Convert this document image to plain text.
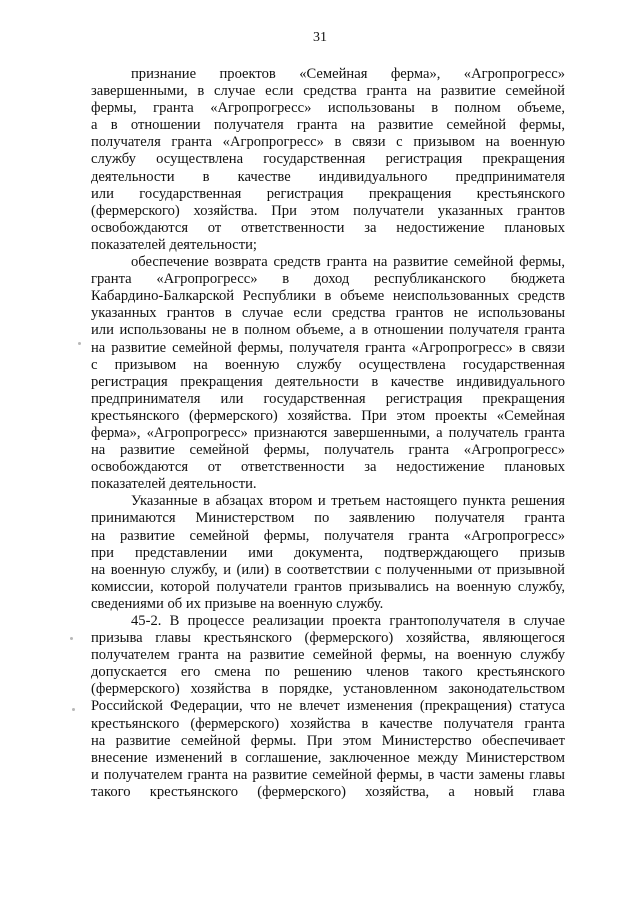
31
признание проектов «Семейная ферма», «Агропрогресс»
завершенными, в случае если средства гранта на развитие семейной
фермы, гранта «Агропрогресс» использованы в полном объеме,
а в отношении получателя гранта на развитие семейной фермы,
получателя гранта «Агропрогресс» в связи с призывом на военную
службу осуществлена государственная регистрация прекращения
деятельности в качестве индивидуального предпринимателя
или государственная регистрация прекращения крестьянского
(фермерского) хозяйства. При этом получатели указанных грантов
освобождаются от ответственности за недостижение плановых
показателей деятельности;
обеспечение возврата средств гранта на развитие семейной фермы,
гранта «Агропрогресс» в доход республиканского бюджета
Кабардино-Балкарской Республики в объеме неиспользованных средств
указанных грантов в случае если средства грантов не использованы
или использованы не в полном объеме, а в отношении получателя гранта
на развитие семейной фермы, получателя гранта «Агропрогресс» в связи
с призывом на военную службу осуществлена государственная
регистрация прекращения деятельности в качестве индивидуального
предпринимателя или государственная регистрация прекращения
крестьянского (фермерского) хозяйства. При этом проекты «Семейная
ферма», «Агропрогресс» признаются завершенными, а получатель гранта
на развитие семейной фермы, получатель гранта «Агропрогресс»
освобождаются от ответственности за недостижение плановых
показателей деятельности.
Указанные в абзацах втором и третьем настоящего пункта решения
принимаются Министерством по заявлению получателя гранта
на развитие семейной фермы, получателя гранта «Агропрогресс»
при представлении ими документа, подтверждающего призыв
на военную службу, и (или) в соответствии с полученными от призывной
комиссии, которой получатели грантов призывались на военную службу,
сведениями об их призыве на военную службу.
45-2. В процессе реализации проекта грантополучателя в случае
призыва главы крестьянского (фермерского) хозяйства, являющегося
получателем гранта на развитие семейной фермы, на военную службу
допускается его смена по решению членов такого крестьянского
(фермерского) хозяйства в порядке, установленном законодательством
Российской Федерации, что не влечет изменения (прекращения) статуса
крестьянского (фермерского) хозяйства в качестве получателя гранта
на развитие семейной фермы. При этом Министерство обеспечивает
внесение изменений в соглашение, заключенное между Министерством
и получателем гранта на развитие семейной фермы, в части замены главы
такого крестьянского (фермерского) хозяйства, а новый глава
